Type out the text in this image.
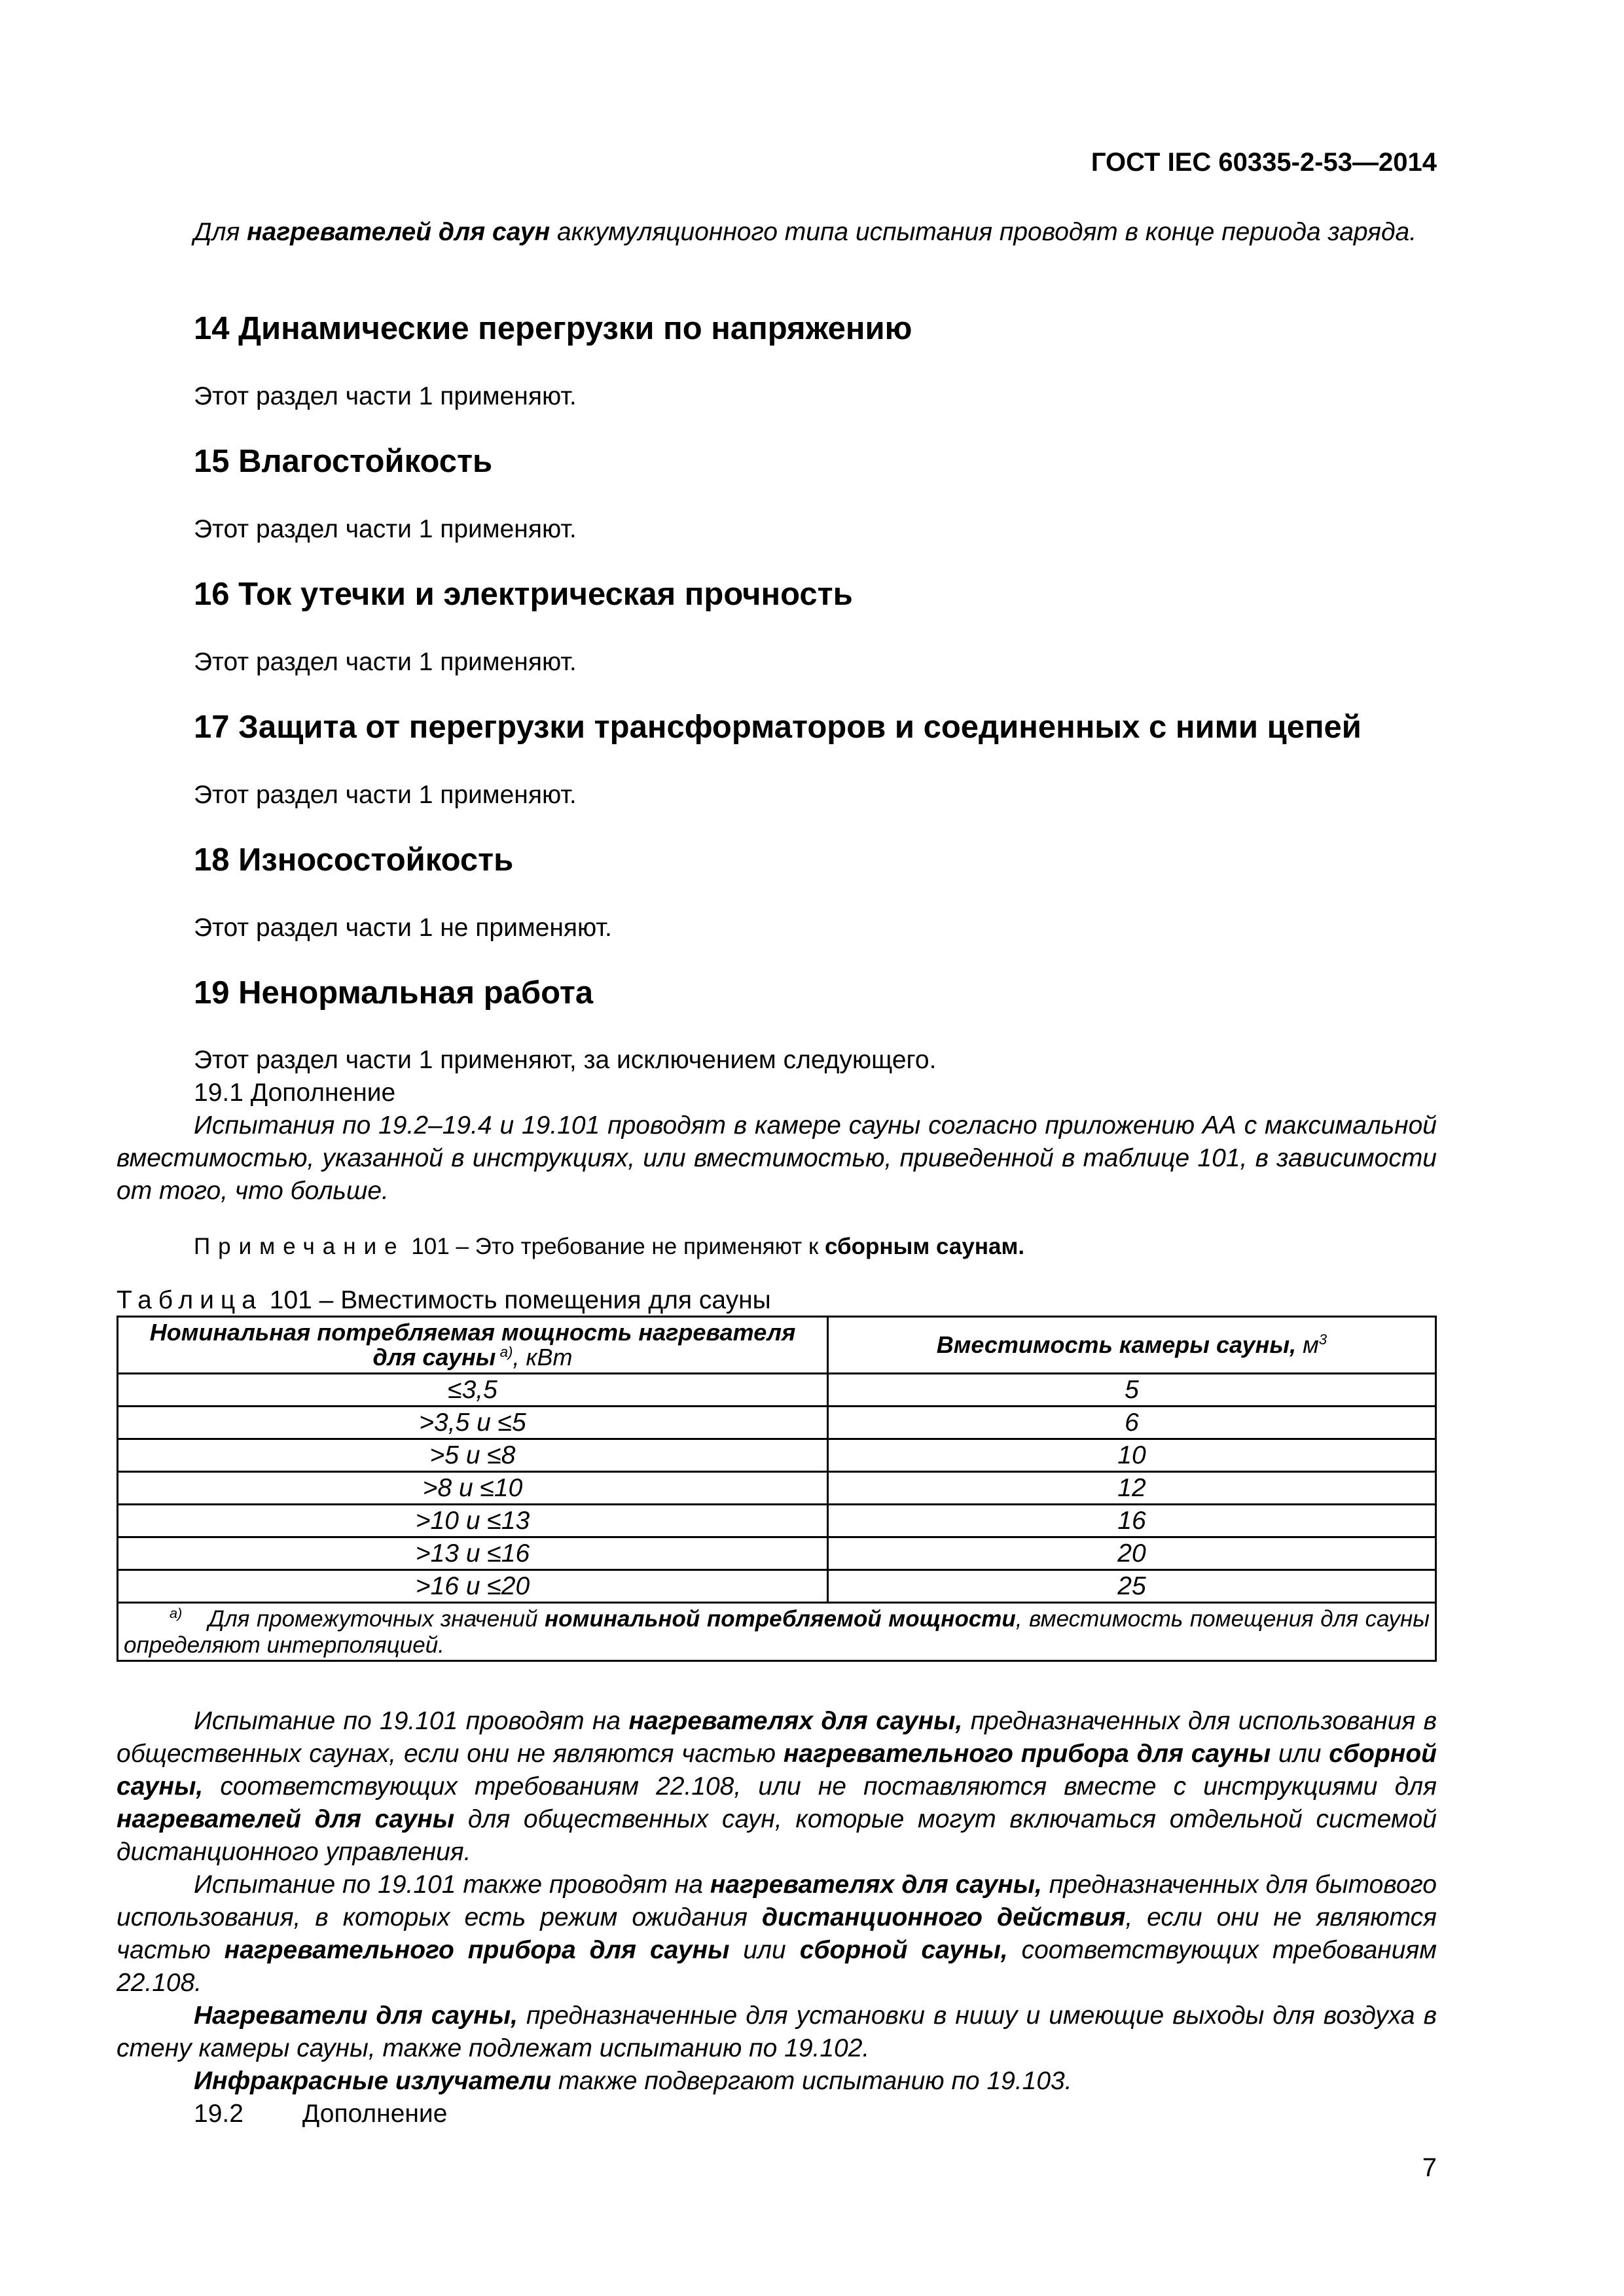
ГОСТ IEC 60335-2-53—2014
Для нагревателей для саун аккумуляционного типа испытания проводят в конце периода заряда.
14 Динамические перегрузки по напряжению
Этот раздел части 1 применяют.
15 Влагостойкость
Этот раздел части 1 применяют.
16 Ток утечки и электрическая прочность
Этот раздел части 1 применяют.
17 Защита от перегрузки трансформаторов и соединенных с ними цепей
Этот раздел части 1 применяют.
18 Износостойкость
Этот раздел части 1 не применяют.
19 Ненормальная работа
Этот раздел части 1 применяют, за исключением следующего.
19.1 Дополнение
Испытания по 19.2–19.4 и 19.101 проводят в камере сауны согласно приложению АА с максимальной вместимостью, указанной в инструкциях, или вместимостью, приведенной в таблице 101, в зависимости от того, что больше.
Примечание 101 – Это требование не применяют к сборным саунам.
Таблица 101 – Вместимость помещения для сауны
Номинальная потребляемая мощность нагревателя
для сауны $^{a)}$, кВт	Вместимость камеры сауны, $м^3$
≤3,5	5
>3,5 и ≤5	6
>5 и ≤8	10
>8 и ≤10	12
>10 и ≤13	16
>13 и ≤16	20
>16 и ≤20	25
$^{a)}$ Для промежуточных значений номинальной потребляемой мощности, вместимость помещения для сауны определяют интерполяцией.	
Испытание по 19.101 проводят на нагревателях для сауны, предназначенных для использования в общественных саунах, если они не являются частью нагревательного прибора для сауны или сборной сауны, соответствующих требованиям 22.108, или не поставляются вместе с инструкциями для нагревателей для сауны для общественных саун, которые могут включаться отдельной системой дистанционного управления.
Испытание по 19.101 также проводят на нагревателях для сауны, предназначенных для бытового использования, в которых есть режим ожидания дистанционного действия, если они не являются частью нагревательного прибора для сауны или сборной сауны, соответствующих требованиям 22.108.
Нагреватели для сауны, предназначенные для установки в нишу и имеющие выходы для воздуха в стену камеры сауны, также подлежат испытанию по 19.102.
Инфракрасные излучатели также подвергают испытанию по 19.103.
19.2 Дополнение
7
